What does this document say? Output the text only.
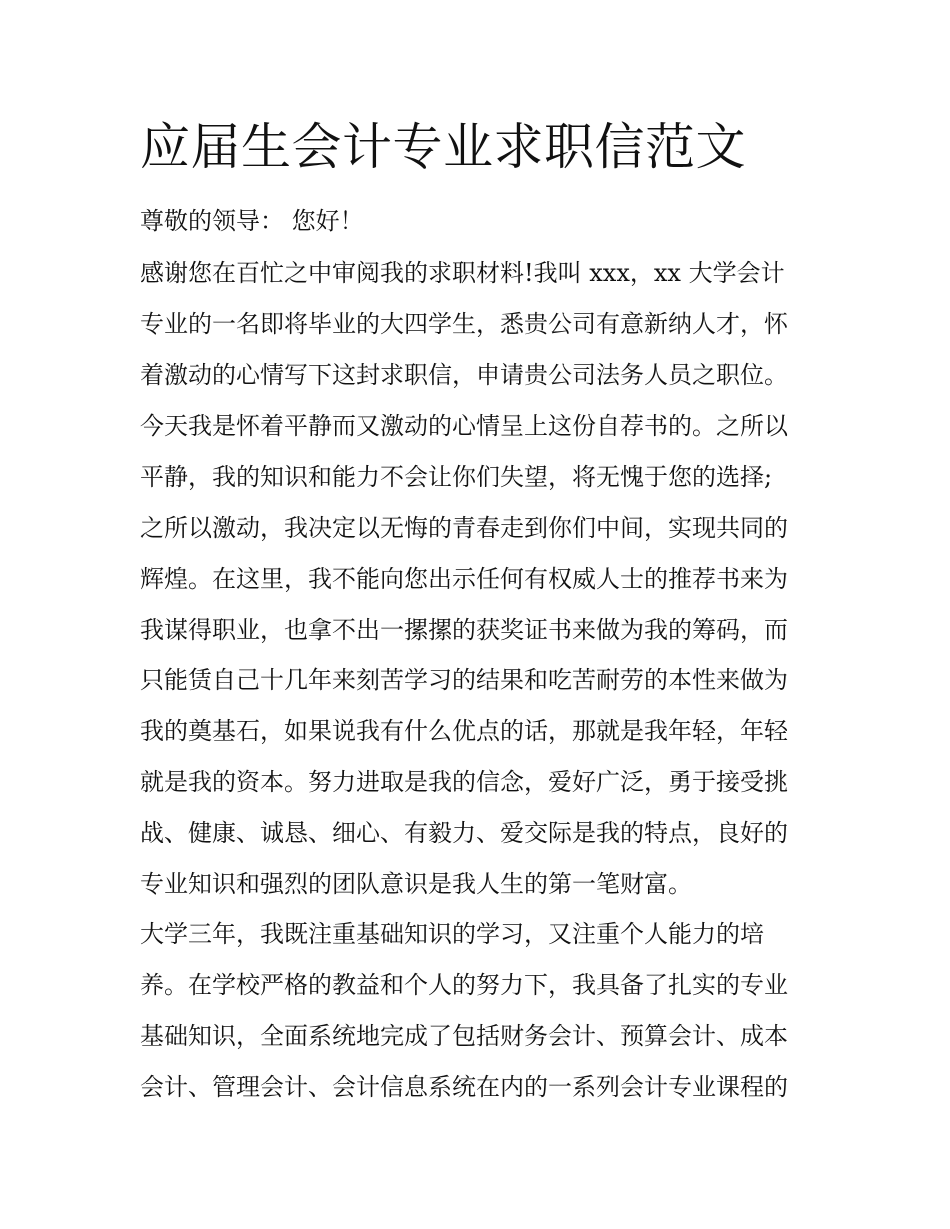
应届生会计专业求职信范文

尊敬的领导： 您好！

感谢您在百忙之中审阅我的求职材料!我叫 xxx，xx 大学会计

专业的一名即将毕业的大四学生，悉贵公司有意新纳人才，怀

着激动的心情写下这封求职信，申请贵公司法务人员之职位。

今天我是怀着平静而又激动的心情呈上这份自荐书的。之所以

平静，我的知识和能力不会让你们失望，将无愧于您的选择;

之所以激动，我决定以无悔的青春走到你们中间，实现共同的

辉煌。在这里，我不能向您出示任何有权威人士的推荐书来为

我谋得职业，也拿不出一摞摞的获奖证书来做为我的筹码，而

只能赁自己十几年来刻苦学习的结果和吃苦耐劳的本性来做为

我的奠基石，如果说我有什么优点的话，那就是我年轻，年轻

就是我的资本。努力进取是我的信念，爱好广泛，勇于接受挑

战、健康、诚恳、细心、有毅力、爱交际是我的特点，良好的

专业知识和强烈的团队意识是我人生的第一笔财富。

大学三年，我既注重基础知识的学习，又注重个人能力的培

养。在学校严格的教益和个人的努力下，我具备了扎实的专业

基础知识，全面系统地完成了包括财务会计、预算会计、成本

会计、管理会计、会计信息系统在内的一系列会计专业课程的
